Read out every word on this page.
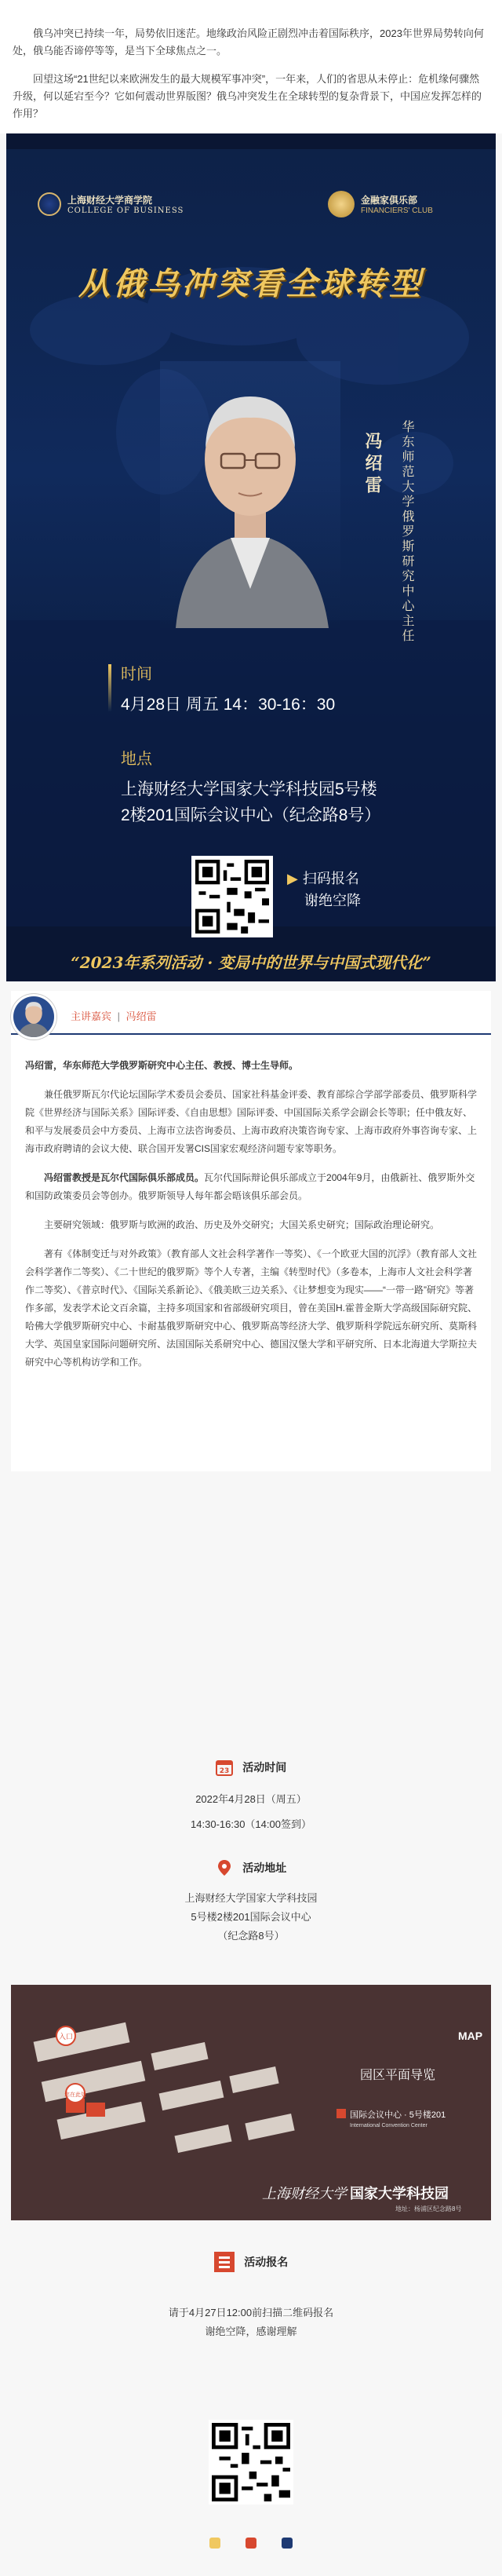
俄乌冲突已持续一年，局势依旧迷茫。地缘政治风险正剧烈冲击着国际秩序，2023年世界局势转向何处，俄乌能否谛停等等，是当下全球焦点之一。

回望这场“21世纪以来欧洲发生的最大规模军事冲突”，一年来，人们的省思从未停止：危机缘何骤然升级，何以延宕至今？它如何震动世界版图？俄乌冲突发生在全球转型的复杂背景下，中国应发挥怎样的作用？

上海财经大学商学院
COLLEGE OF BUSINESS
金融家俱乐部
FINANCIERS' CLUB
从俄乌冲突看全球转型
冯绍雷 华东师范大学俄罗斯研究中心主任
时间
4月28日 周五 14：30-16：30
地点
上海财经大学国家大学科技园5号楼
2楼201国际会议中心（纪念路8号）
▶ 扫码报名
谢绝空降
“2023年系列活动 · 变局中的世界与中国式现代化”
主讲嘉宾 | 冯绍雷

冯绍雷，华东师范大学俄罗斯研究中心主任、教授、博士生导师。

兼任俄罗斯瓦尔代论坛国际学术委员会委员、国家社科基金评委、教育部综合学部学部委员、俄罗斯科学院《世界经济与国际关系》国际评委、《自由思想》国际评委、中国国际关系学会副会长等职；任中俄友好、和平与发展委员会中方委员、上海市立法咨询委员、上海市政府决策咨询专家、上海市政府外事咨询专家、上海市政府聘请的会议大使、联合国开发署CIS国家宏观经济问题专家等职务。

冯绍雷教授是瓦尔代国际俱乐部成员。瓦尔代国际辩论俱乐部成立于2004年9月，由俄新社、俄罗斯外交和国防政策委员会等创办。俄罗斯领导人每年都会晤该俱乐部会员。

主要研究领域：俄罗斯与欧洲的政治、历史及外交研究；大国关系史研究；国际政治理论研究。

著有《体制变迁与对外政策》（教育部人文社会科学著作一等奖）、《一个欧亚大国的沉浮》（教育部人文社会科学著作二等奖）、《二十世纪的俄罗斯》等个人专著，主编《转型时代》（多卷本，上海市人文社会科学著作二等奖）、《普京时代》、《国际关系新论》、《俄美欧三边关系》、《让梦想变为现实——“一带一路”研究》等著作多部，发表学术论文百余篇，主持多项国家和省部级研究项目，曾在美国H.霍普金斯大学高级国际研究院、哈佛大学俄罗斯研究中心、卡耐基俄罗斯研究中心、俄罗斯高等经济大学、俄罗斯科学院远东研究所、莫斯科大学、英国皇家国际问题研究所、法国国际关系研究中心、德国汉堡大学和平研究所、日本北海道大学斯拉夫研究中心等机构访学和工作。

23 活动时间
2022年4月28日（周五）
14:30-16:30（14:00签到）
活动地址
上海财经大学国家大学科技园
5号楼2楼201国际会议中心
（纪念路8号）
入口
您在此处
MAP
园区平面导览
国际会议中心 · 5号楼201
International Convention Center
上海财经大学 国家大学科技园
地址：杨浦区纪念路8号
活动报名
请于4月27日12:00前扫描二维码报名
谢绝空降，感谢理解
